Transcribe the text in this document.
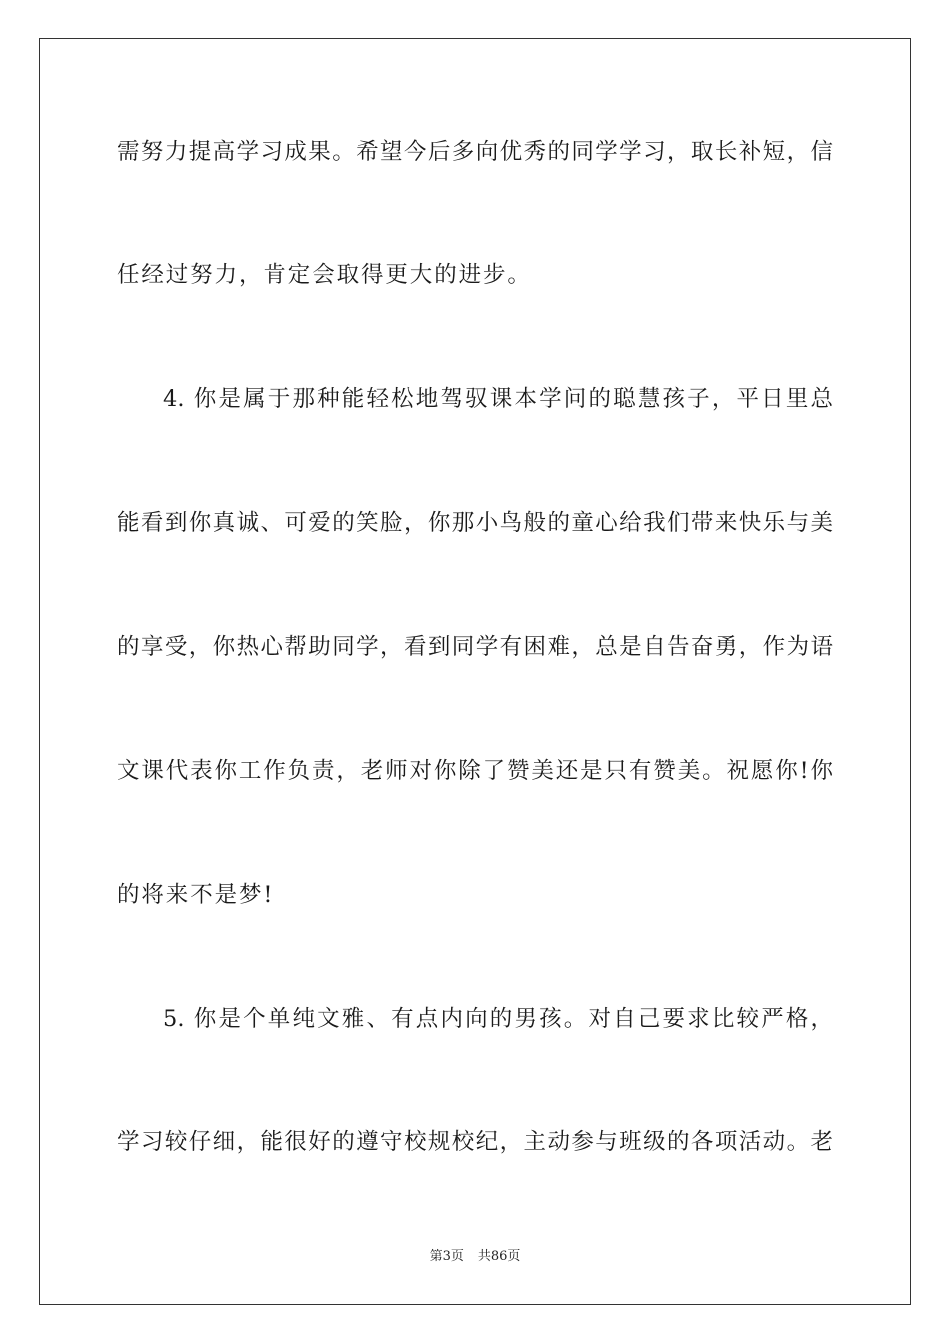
需努力提高学习成果。希望今后多向优秀的同学学习，取长补短，信
任经过努力，肯定会取得更大的进步。
4. 你是属于那种能轻松地驾驭课本学问的聪慧孩子，平日里总
能看到你真诚、可爱的笑脸，你那小鸟般的童心给我们带来快乐与美
的享受，你热心帮助同学，看到同学有困难，总是自告奋勇，作为语
文课代表你工作负责，老师对你除了赞美还是只有赞美。祝愿你!你
的将来不是梦!
5. 你是个单纯文雅、有点内向的男孩。对自己要求比较严格，
学习较仔细，能很好的遵守校规校纪，主动参与班级的各项活动。老
第3页 共86页
